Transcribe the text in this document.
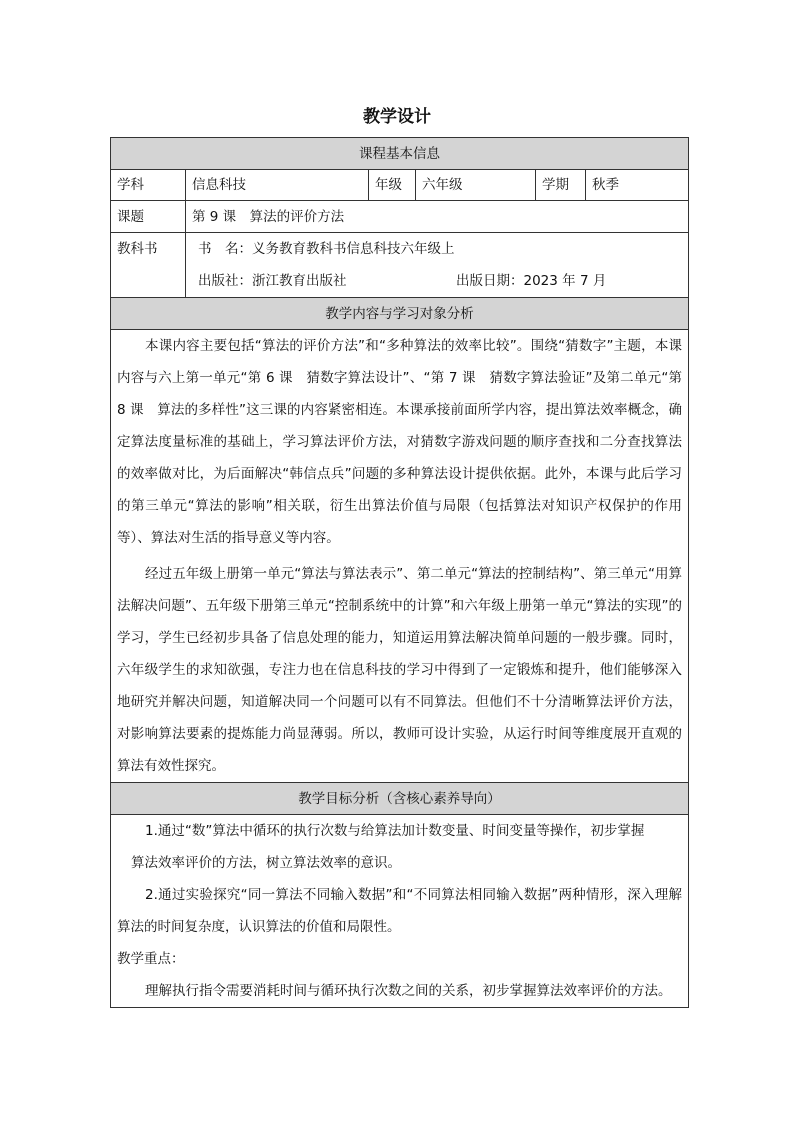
教学设计
课程基本信息					
学科	信息科技	年级	六年级	学期	秋季
课题	第 9 课　算法的评价方法				

教科书	书　名：义务教育教科书信息科技六年级上
出版社：浙江教育出版社 出版日期：2023 年 7 月				

教学内容与学习对象分析					

本课内容主要包括“算法的评价方法”和“多种算法的效率比较”。围绕“猜数字”主题，本课内容与六上第一单元“第 6 课　猜数字算法设计”、“第 7 课　猜数字算法验证”及第二单元“第 8 课　算法的多样性”这三课的内容紧密相连。本课承接前面所学内容，提出算法效率概念，确定算法度量标准的基础上，学习算法评价方法，对猜数字游戏问题的顺序查找和二分查找算法的效率做对比，为后面解决“韩信点兵”问题的多种算法设计提供依据。此外，本课与此后学习的第三单元“算法的影响”相关联，衍生出算法价值与局限（包括算法对知识产权保护的作用等）、算法对生活的指导意义等内容。

经过五年级上册第一单元“算法与算法表示”、第二单元“算法的控制结构”、第三单元“用算法解决问题”、五年级下册第三单元“控制系统中的计算”和六年级上册第一单元“算法的实现”的学习，学生已经初步具备了信息处理的能力，知道运用算法解决简单问题的一般步骤。同时，六年级学生的求知欲强，专注力也在信息科技的学习中得到了一定锻炼和提升，他们能够深入地研究并解决问题，知道解决同一个问题可以有不同算法。但他们不十分清晰算法评价方法，对影响算法要素的提炼能力尚显薄弱。所以，教师可设计实验，从运行时间等维度展开直观的算法有效性探究。					

教学目标分析（含核心素养导向）					

1.通过“数”算法中循环的执行次数与给算法加计数变量、时间变量等操作，初步掌握
算法效率评价的方法，树立算法效率的意识。

2.通过实验探究“同一算法不同输入数据”和“不同算法相同输入数据”两种情形，深入理解算法的时间复杂度，认识算法的价值和局限性。

教学重点：

理解执行指令需要消耗时间与循环执行次数之间的关系，初步掌握算法效率评价的方法。					
